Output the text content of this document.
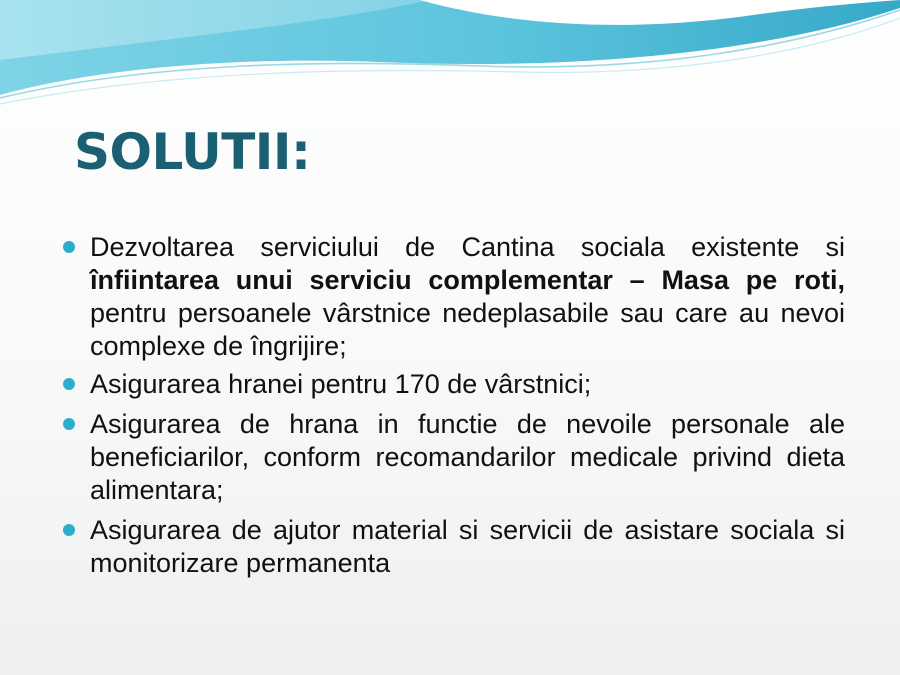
SOLUTII:
Dezvoltarea serviciului de Cantina sociala existente si înfiintarea unui serviciu complementar – Masa pe roti, pentru persoanele vârstnice nedeplasabile sau care au nevoi complexe de îngrijire;
Asigurarea hranei pentru 170 de vârstnici;
Asigurarea de hrana in functie de nevoile personale ale beneficiarilor, conform recomandarilor medicale privind dieta alimentara;
Asigurarea de ajutor material si servicii de asistare sociala si monitorizare permanenta
